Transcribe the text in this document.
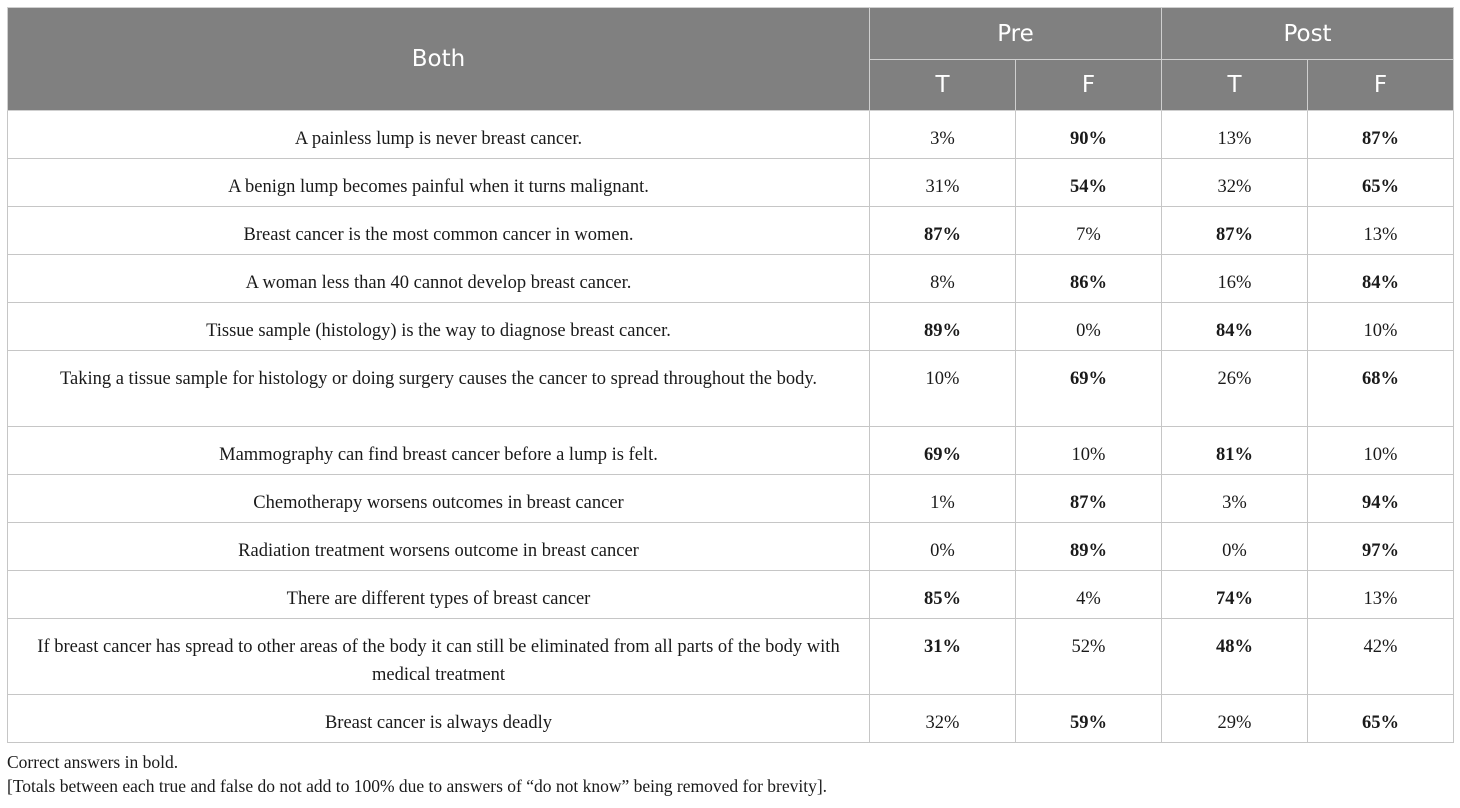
Both	Pre		Post	
	T	F	T	F
A painless lump is never breast cancer.	3%	90%	13%	87%
A benign lump becomes painful when it turns malignant.	31%	54%	32%	65%
Breast cancer is the most common cancer in women.	87%	7%	87%	13%
A woman less than 40 cannot develop breast cancer.	8%	86%	16%	84%
Tissue sample (histology) is the way to diagnose breast cancer.	89%	0%	84%	10%
Taking a tissue sample for histology or doing surgery causes the cancer to spread throughout the body.	10%	69%	26%	68%
Mammography can find breast cancer before a lump is felt.	69%	10%	81%	10%
Chemotherapy worsens outcomes in breast cancer	1%	87%	3%	94%
Radiation treatment worsens outcome in breast cancer	0%	89%	0%	97%
There are different types of breast cancer	85%	4%	74%	13%
If breast cancer has spread to other areas of the body it can still be eliminated from all parts of the body with medical treatment	31%	52%	48%	42%
Breast cancer is always deadly	32%	59%	29%	65%
Correct answers in bold.
[Totals between each true and false do not add to 100% due to answers of “do not know” being removed for brevity].
